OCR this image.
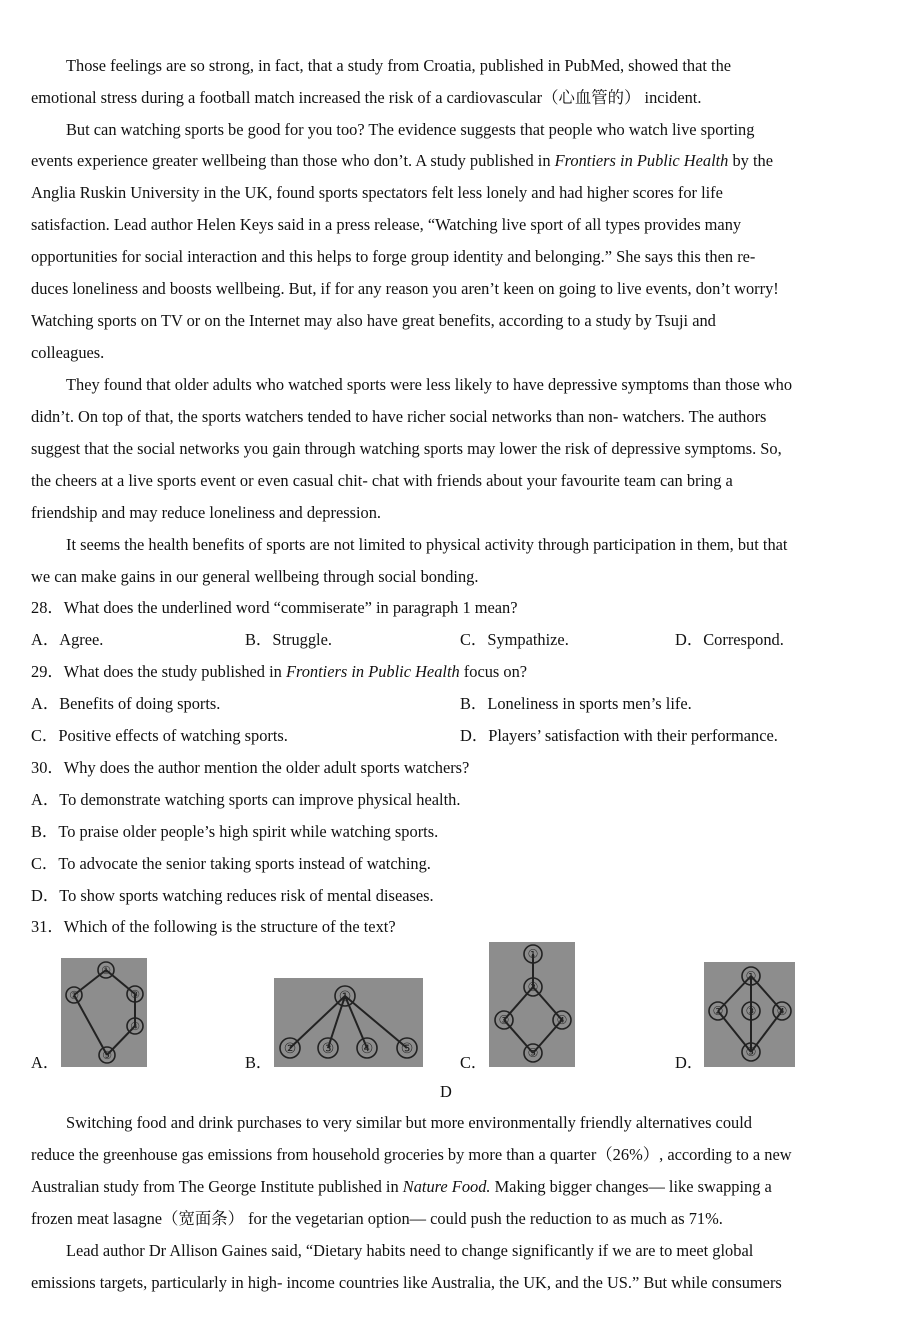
Those feelings are so strong, in fact, that a study from Croatia, published in PubMed, showed that the
emotional stress during a football match increased the risk of a cardiovascular（心血管的） incident.
But can watching sports be good for you too? The evidence suggests that people who watch live sporting
events experience greater wellbeing than those who don’t. A study published in Frontiers in Public Health by the
Anglia Ruskin University in the UK, found sports spectators felt less lonely and had higher scores for life
satisfaction. Lead author Helen Keys said in a press release, “Watching live sport of all types provides many
opportunities for social interaction and this helps to forge group identity and belonging.” She says this then re-
duces loneliness and boosts wellbeing. But, if for any reason you aren’t keen on going to live events, don’t worry!
Watching sports on TV or on the Internet may also have great benefits, according to a study by Tsuji and
colleagues.
They found that older adults who watched sports were less likely to have depressive symptoms than those who
didn’t. On top of that, the sports watchers tended to have richer social networks than non- watchers. The authors
suggest that the social networks you gain through watching sports may lower the risk of depressive symptoms. So,
the cheers at a live sports event or even casual chit- chat with friends about your favourite team can bring a
friendship and may reduce loneliness and depression.
It seems the health benefits of sports are not limited to physical activity through participation in them, but that
we can make gains in our general wellbeing through social bonding.
28．What does the underlined word “commiserate” in paragraph 1 mean?
A．Agree.	B．Struggle.	C．Sympathize.	D．Correspond.
29．What does the study published in Frontiers in Public Health focus on?
A．Benefits of doing sports.	B．Loneliness in sports men’s life.
C．Positive effects of watching sports.	D．Players’ satisfaction with their performance.
30．Why does the author mention the older adult sports watchers?
A．To demonstrate watching sports can improve physical health.
B．To praise older people’s high spirit while watching sports.
C．To advocate the senior taking sports instead of watching.
D．To show sports watching reduces risk of mental diseases.
31．Which of the following is the structure of the text?
A．
①
②	③
④
⑤	B．
①
② ③ ④ ⑤
C．
①
②
③	④
⑤	D．
①
② ③ ④
⑤
D
Switching food and drink purchases to very similar but more environmentally friendly alternatives could
reduce the greenhouse gas emissions from household groceries by more than a quarter（26%）, according to a new
Australian study from The George Institute published in Nature Food. Making bigger changes— like swapping a
frozen meat lasagne（宽面条） for the vegetarian option— could push the reduction to as much as 71%.
Lead author Dr Allison Gaines said, “Dietary habits need to change significantly if we are to meet global
emissions targets, particularly in high- income countries like Australia, the UK, and the US.” But while consumers
